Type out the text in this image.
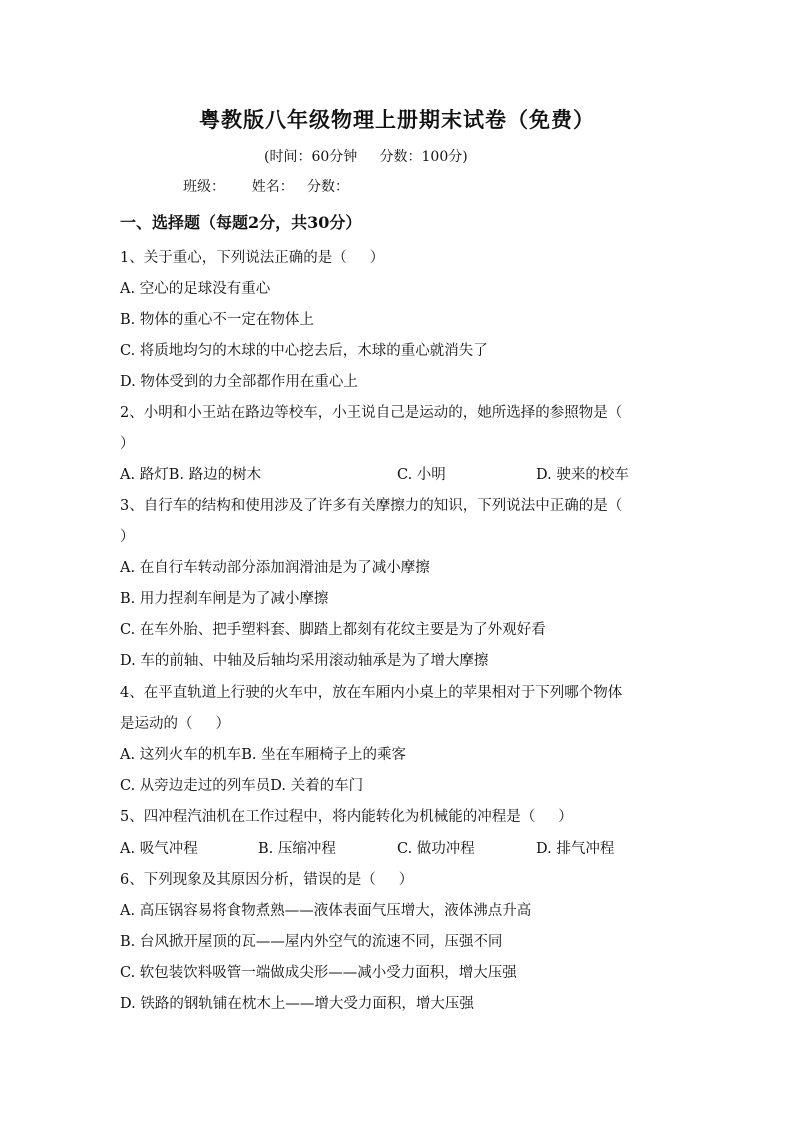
粤教版八年级物理上册期末试卷（免费）
(时间：60分钟     分数：100分)
班级：      姓名：   分数：
一、选择题（每题2分，共30分）
1、关于重心，下列说法正确的是（     ）
A. 空心的足球没有重心
B. 物体的重心不一定在物体上
C. 将质地均匀的木球的中心挖去后，木球的重心就消失了
D. 物体受到的力全部都作用在重心上
2、小明和小王站在路边等校车，小王说自己是运动的，她所选择的参照物是（
）
A. 路灯B. 路边的树木	C. 小明	D. 驶来的校车
3、自行车的结构和使用涉及了许多有关摩擦力的知识，下列说法中正确的是（
）
A. 在自行车转动部分添加润滑油是为了减小摩擦
B. 用力捏刹车闸是为了减小摩擦
C. 在车外胎、把手塑料套、脚踏上都刻有花纹主要是为了外观好看
D. 车的前轴、中轴及后轴均采用滚动轴承是为了增大摩擦
4、在平直轨道上行驶的火车中，放在车厢内小桌上的苹果相对于下列哪个物体
是运动的（     ）
A. 这列火车的机车B. 坐在车厢椅子上的乘客
C. 从旁边走过的列车员D. 关着的车门
5、四冲程汽油机在工作过程中，将内能转化为机械能的冲程是（     ）
A. 吸气冲程	B. 压缩冲程	C. 做功冲程	D. 排气冲程
6、下列现象及其原因分析，错误的是（     ）
A. 高压锅容易将食物煮熟——液体表面气压增大，液体沸点升高
B. 台风掀开屋顶的瓦——屋内外空气的流速不同，压强不同
C. 软包装饮料吸管一端做成尖形——减小受力面积，增大压强
D. 铁路的钢轨铺在枕木上——增大受力面积，增大压强
